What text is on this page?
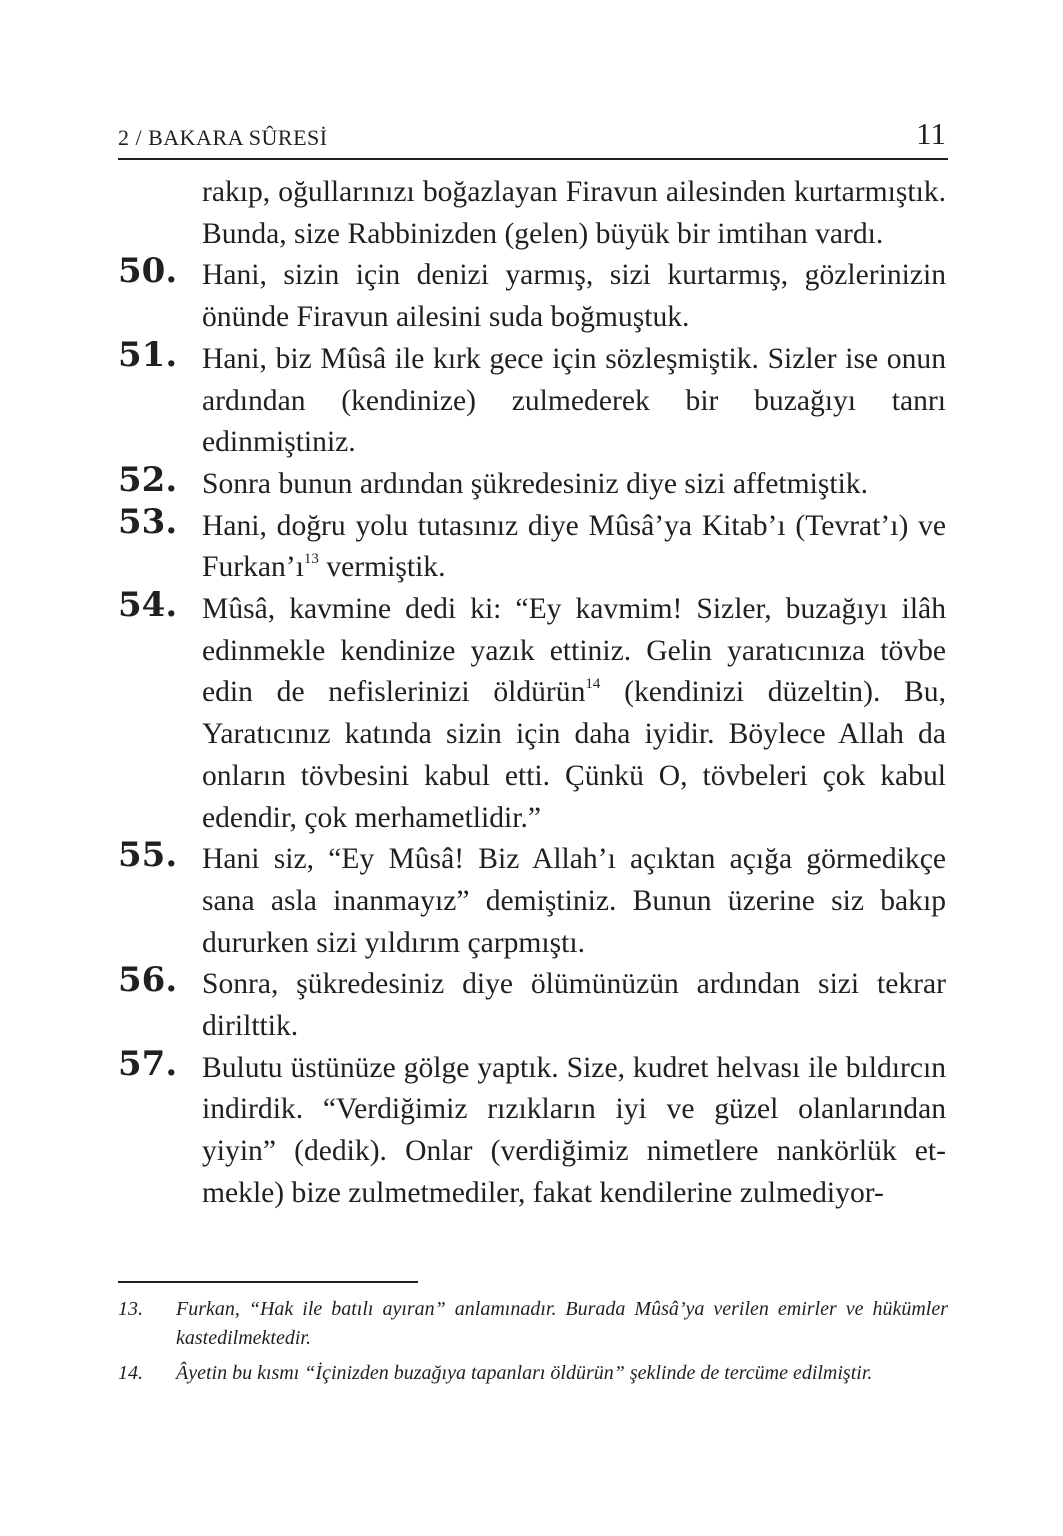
2 / BAKARA SÛRESİ	11
rakıp, oğullarınızı boğazlayan Firavun ailesinden kurtarmıştık. Bunda, size Rabbinizden (gelen) büyük bir imtihan vardı.
50. Hani, sizin için denizi yarmış, sizi kurtarmış, gözlerinizin önünde Firavun ailesini suda boğmuştuk.
51. Hani, biz Mûsâ ile kırk gece için sözleşmiştik. Sizler ise onun ardından (kendinize) zulmederek bir buzağıyı tanrı edinmiştiniz.
52. Sonra bunun ardından şükredesiniz diye sizi affetmiştik.
53. Hani, doğru yolu tutasınız diye Mûsâ’ya Kitab’ı (Tevrat’ı) ve Furkan’ı$^{13}$ vermiştik.
54. Mûsâ, kavmine dedi ki: “Ey kavmim! Sizler, buzağıyı ilâh edinmekle kendinize yazık ettiniz. Gelin yaratıcınıza tövbe edin de nefislerinizi öldürün$^{14}$ (kendinizi düzeltin). Bu, Yaratıcınız katında sizin için daha iyidir. Böylece Allah da onların tövbesini kabul etti. Çünkü O, tövbeleri çok kabul edendir, çok merhametlidir.”
55. Hani siz, “Ey Mûsâ! Biz Allah’ı açıktan açığa görmedikçe sana asla inanmayız” demiştiniz. Bunun üzerine siz bakıp dururken sizi yıldırım çarpmıştı.
56. Sonra, şükredesiniz diye ölümünüzün ardından sizi tekrar dirilttik.
57. Bulutu üstünüze gölge yaptık. Size, kudret helvası ile bıldırcın indirdik. “Verdiğimiz rızıkların iyi ve güzel olanlarından yiyin” (dedik). Onlar (verdiğimiz nimetlere nankörlük etmekle) bize zulmetmediler, fakat kendilerine zulmediyor-
13. Furkan, “Hak ile batılı ayıran” anlamınadır. Burada Mûsâ’ya verilen emirler ve hükümler kastedilmektedir.
14. Âyetin bu kısmı “İçinizden buzağıya tapanları öldürün” şeklinde de tercüme edilmiştir.
